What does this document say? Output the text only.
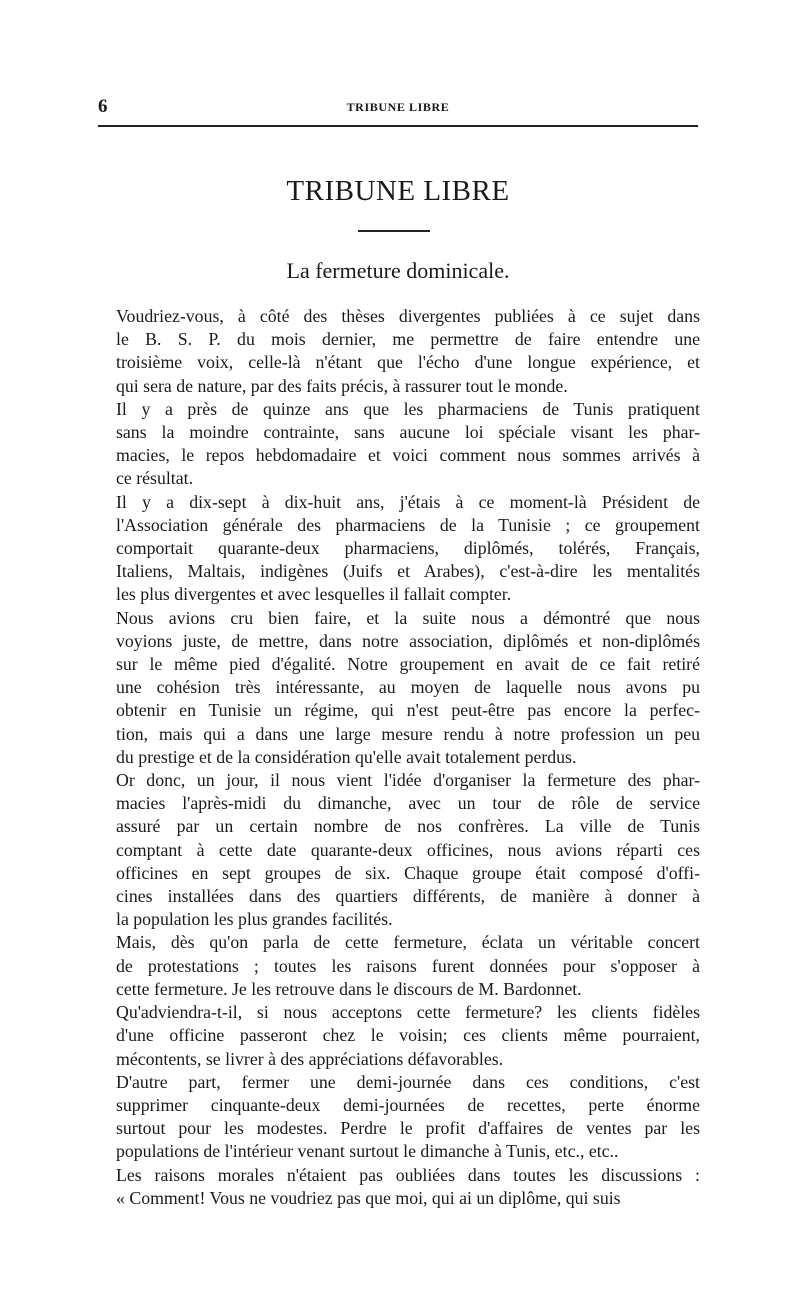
6	TRIBUNE LIBRE
TRIBUNE LIBRE
La fermeture dominicale.

Voudriez-vous, à côté des thèses divergentes publiées à ce sujet dans
le B. S. P. du mois dernier, me permettre de faire entendre une
troisième voix, celle-là n'étant que l'écho d'une longue expérience, et
qui sera de nature, par des faits précis, à rassurer tout le monde.

Il y a près de quinze ans que les pharmaciens de Tunis pratiquent
sans la moindre contrainte, sans aucune loi spéciale visant les phar-
macies, le repos hebdomadaire et voici comment nous sommes arrivés à
ce résultat.

Il y a dix-sept à dix-huit ans, j'étais à ce moment-là Président de
l'Association générale des pharmaciens de la Tunisie ; ce groupement
comportait quarante-deux pharmaciens, diplômés, tolérés, Français,
Italiens, Maltais, indigènes (Juifs et Arabes), c'est-à-dire les mentalités
les plus divergentes et avec lesquelles il fallait compter.

Nous avions cru bien faire, et la suite nous a démontré que nous
voyions juste, de mettre, dans notre association, diplômés et non-diplômés
sur le même pied d'égalité. Notre groupement en avait de ce fait retiré
une cohésion très intéressante, au moyen de laquelle nous avons pu
obtenir en Tunisie un régime, qui n'est peut-être pas encore la perfec-
tion, mais qui a dans une large mesure rendu à notre profession un peu
du prestige et de la considération qu'elle avait totalement perdus.

Or donc, un jour, il nous vient l'idée d'organiser la fermeture des phar-
macies l'après-midi du dimanche, avec un tour de rôle de service
assuré par un certain nombre de nos confrères. La ville de Tunis
comptant à cette date quarante-deux officines, nous avions réparti ces
officines en sept groupes de six. Chaque groupe était composé d'offi-
cines installées dans des quartiers différents, de manière à donner à
la population les plus grandes facilités.

Mais, dès qu'on parla de cette fermeture, éclata un véritable concert
de protestations ; toutes les raisons furent données pour s'opposer à
cette fermeture. Je les retrouve dans le discours de M. Bardonnet.

Qu'adviendra-t-il, si nous acceptons cette fermeture? les clients fidèles
d'une officine passeront chez le voisin; ces clients même pourraient,
mécontents, se livrer à des appréciations défavorables.

D'autre part, fermer une demi-journée dans ces conditions, c'est
supprimer cinquante-deux demi-journées de recettes, perte énorme
surtout pour les modestes. Perdre le profit d'affaires de ventes par les
populations de l'intérieur venant surtout le dimanche à Tunis, etc., etc..

Les raisons morales n'étaient pas oubliées dans toutes les discussions :
« Comment! Vous ne voudriez pas que moi, qui ai un diplôme, qui suis
